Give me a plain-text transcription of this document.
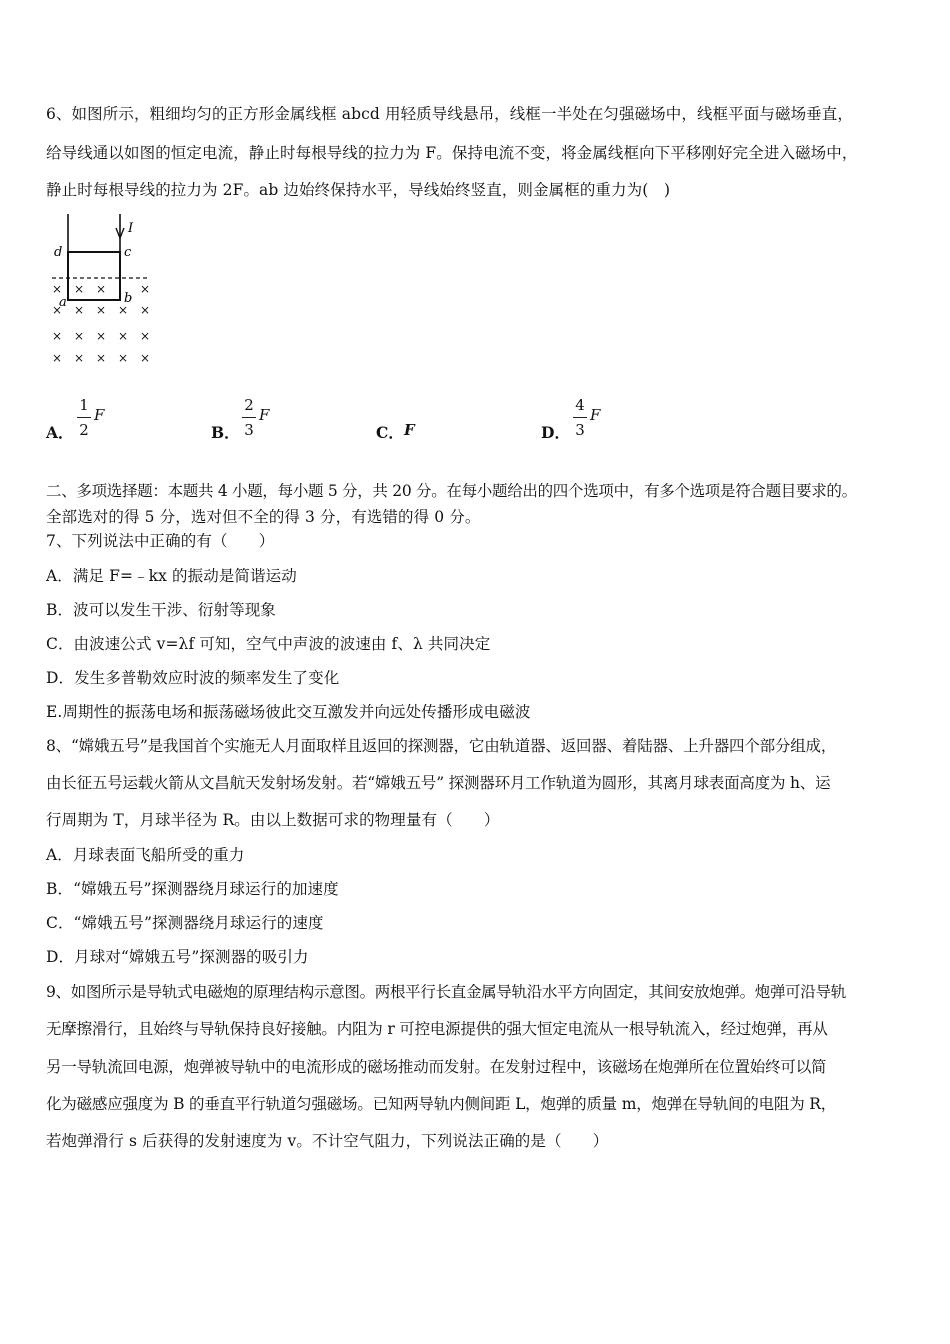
6、如图所示，粗细均匀的正方形金属线框 abcd 用轻质导线悬吊，线框一半处在匀强磁场中，线框平面与磁场垂直，
给导线通以如图的恒定电流，静止时每根导线的拉力为 F。保持电流不变，将金属线框向下平移刚好完全进入磁场中，
静止时每根导线的拉力为 2F。ab 边始终保持水平，导线始终竖直，则金属框的重力为(　)
d	c
I
a	b
× × ×	×
× × × × ×
× × × × ×
× × × × ×
A．
1
2
F
B．
2
3
F
C． F	D．
4
3
F
二、多项选择题：本题共 4 小题，每小题 5 分，共 20 分。在每小题给出的四个选项中，有多个选项是符合题目要求的。
全部选对的得 5 分，选对但不全的得 3 分，有选错的得 0 分。
7、下列说法中正确的有（　　）
A．满足 F=﹣kx 的振动是简谐运动
B．波可以发生干涉、衍射等现象
C．由波速公式 v=λf 可知，空气中声波的波速由 f、λ 共同决定
D．发生多普勒效应时波的频率发生了变化
E.周期性的振荡电场和振荡磁场彼此交互激发并向远处传播形成电磁波
8、“嫦娥五号”是我国首个实施无人月面取样且返回的探测器，它由轨道器、返回器、着陆器、上升器四个部分组成，
由长征五号运载火箭从文昌航天发射场发射。若“嫦娥五号” 探测器环月工作轨道为圆形，其离月球表面高度为 h、运
行周期为 T，月球半径为 R。由以上数据可求的物理量有（　　）
A．月球表面飞船所受的重力
B．“嫦娥五号”探测器绕月球运行的加速度
C．“嫦娥五号”探测器绕月球运行的速度
D．月球对“嫦娥五号”探测器的吸引力
9、如图所示是导轨式电磁炮的原理结构示意图。两根平行长直金属导轨沿水平方向固定，其间安放炮弹。炮弹可沿导轨
无摩擦滑行，且始终与导轨保持良好接触。内阻为 r 可控电源提供的强大恒定电流从一根导轨流入，经过炮弹，再从
另一导轨流回电源，炮弹被导轨中的电流形成的磁场推动而发射。在发射过程中，该磁场在炮弹所在位置始终可以简
化为磁感应强度为 B 的垂直平行轨道匀强磁场。已知两导轨内侧间距 L，炮弹的质量 m，炮弹在导轨间的电阻为 R，
若炮弹滑行 s 后获得的发射速度为 v。不计空气阻力，下列说法正确的是（　　）
